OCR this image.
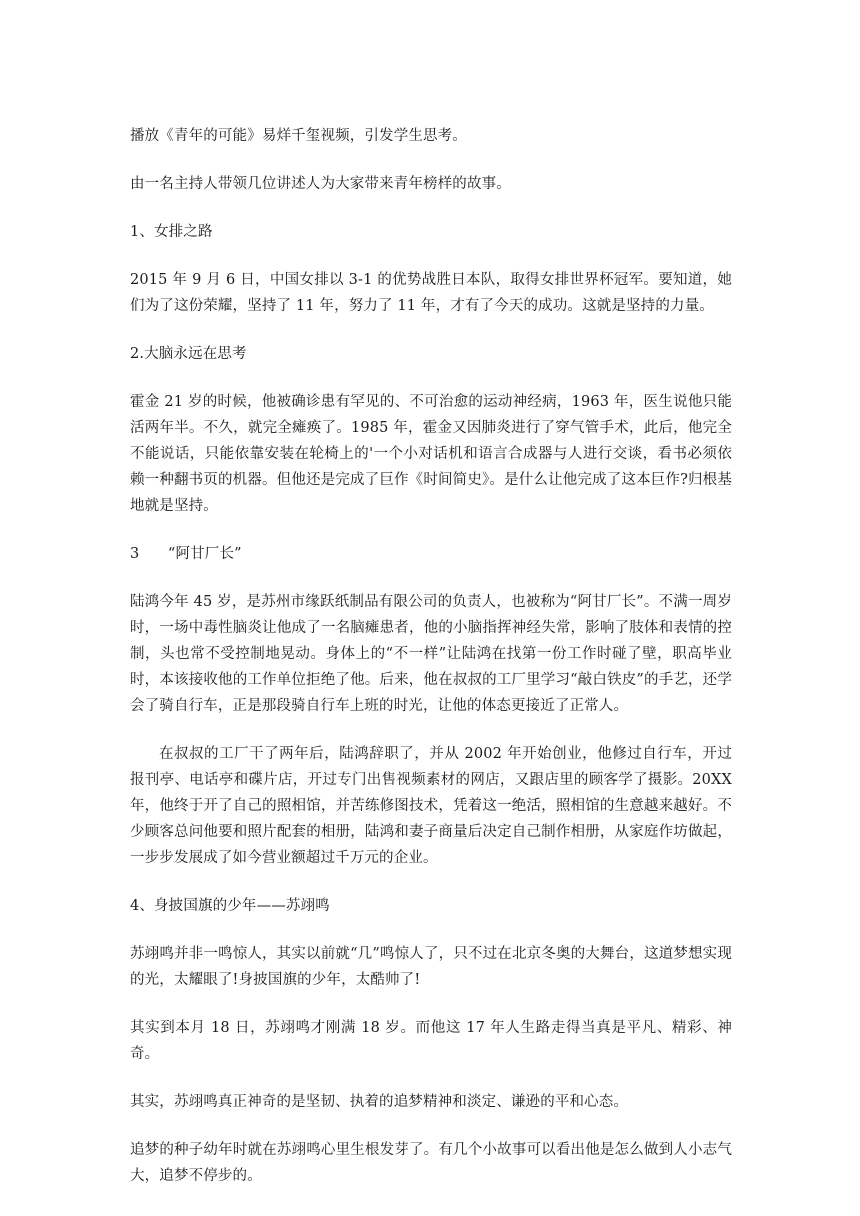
播放《青年的可能》易烊千玺视频，引发学生思考。

由一名主持人带领几位讲述人为大家带来青年榜样的故事。

1、女排之路

2015 年 9 月 6 日，中国女排以 3-1 的优势战胜日本队，取得女排世界杯冠军。要知道，她们为了这份荣耀，坚持了 11 年，努力了 11 年，才有了今天的成功。这就是坚持的力量。

2.大脑永远在思考

霍金 21 岁的时候，他被确诊患有罕见的、不可治愈的运动神经病，1963 年，医生说他只能活两年半。不久，就完全瘫痪了。1985 年，霍金又因肺炎进行了穿气管手术，此后，他完全不能说话，只能依靠安装在轮椅上的'一个小对话机和语言合成器与人进行交谈，看书必须依赖一种翻书页的机器。但他还是完成了巨作《时间简史》。是什么让他完成了这本巨作?归根基地就是坚持。

3      “阿甘厂长”

陆鸿今年 45 岁，是苏州市缘跃纸制品有限公司的负责人，也被称为“阿甘厂长”。不满一周岁时，一场中毒性脑炎让他成了一名脑瘫患者，他的小脑指挥神经失常，影响了肢体和表情的控制，头也常不受控制地晃动。身体上的“不一样”让陆鸿在找第一份工作时碰了壁，职高毕业时，本该接收他的工作单位拒绝了他。后来，他在叔叔的工厂里学习“敲白铁皮”的手艺，还学会了骑自行车，正是那段骑自行车上班的时光，让他的体态更接近了正常人。

在叔叔的工厂干了两年后，陆鸿辞职了，并从 2002 年开始创业，他修过自行车，开过报刊亭、电话亭和碟片店，开过专门出售视频素材的网店，又跟店里的顾客学了摄影。20XX 年，他终于开了自己的照相馆，并苦练修图技术，凭着这一绝活，照相馆的生意越来越好。不少顾客总问他要和照片配套的相册，陆鸿和妻子商量后决定自己制作相册，从家庭作坊做起，一步步发展成了如今营业额超过千万元的企业。

4、身披国旗的少年——苏翊鸣

苏翊鸣并非一鸣惊人，其实以前就“几”鸣惊人了，只不过在北京冬奥的大舞台，这道梦想实现的光，太耀眼了!身披国旗的少年，太酷帅了!

其实到本月 18 日，苏翊鸣才刚满 18 岁。而他这 17 年人生路走得当真是平凡、精彩、神奇。

其实，苏翊鸣真正神奇的是坚韧、执着的追梦精神和淡定、谦逊的平和心态。

追梦的种子幼年时就在苏翊鸣心里生根发芽了。有几个小故事可以看出他是怎么做到人小志气大，追梦不停步的。
